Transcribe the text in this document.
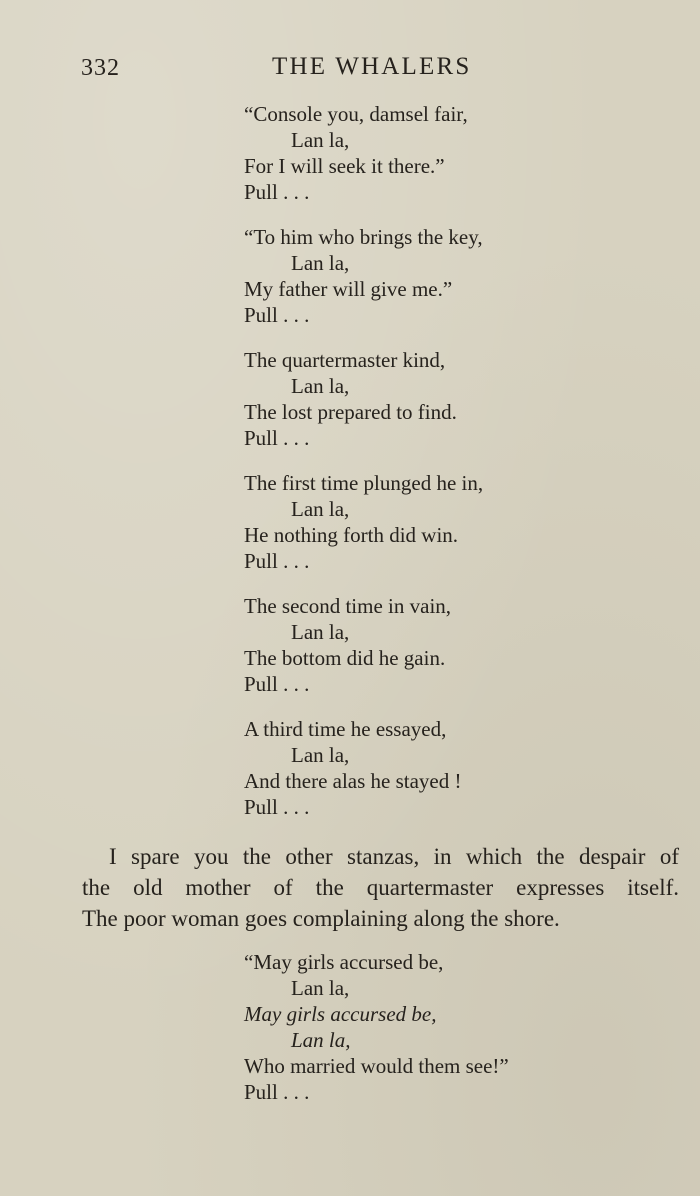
332	THE WHALERS
“Console you, damsel fair,
Lan la,
For I will seek it there.”
Pull . . .
“To him who brings the key,
Lan la,
My father will give me.”
Pull . . .
The quartermaster kind,
Lan la,
The lost prepared to find.
Pull . . .
The first time plunged he in,
Lan la,
He nothing forth did win.
Pull . . .
The second time in vain,
Lan la,
The bottom did he gain.
Pull . . .
A third time he essayed,
Lan la,
And there alas he stayed !
Pull . . .
I spare you the other stanzas, in which the despair of
the old mother of the quartermaster expresses itself.
The poor woman goes complaining along the shore.
“May girls accursed be,
Lan la,
May girls accursed be,
Lan la,
Who married would them see!”
Pull . . .
